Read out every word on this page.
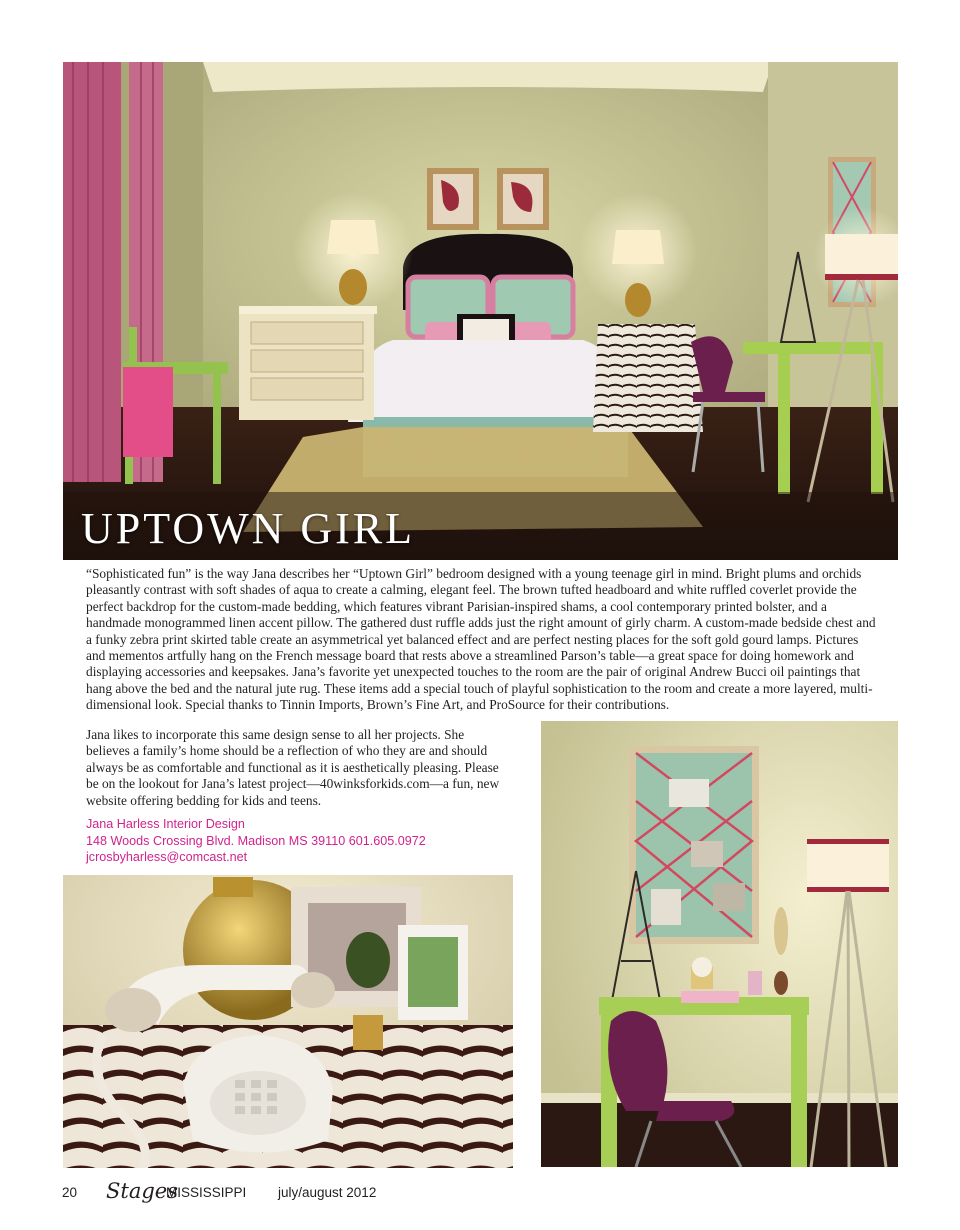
UPTOWN GIRL

“Sophisticated fun” is the way Jana describes her “Uptown Girl” bedroom designed with a young teenage girl in mind. Bright plums and orchids pleasantly contrast with soft shades of aqua to create a calming, elegant feel. The brown tufted headboard and white ruffled coverlet provide the perfect backdrop for the custom-made bedding, which features vibrant Parisian-inspired shams, a cool contemporary printed bolster, and a handmade monogrammed linen accent pillow. The gathered dust ruffle adds just the right amount of girly charm. A custom-made bedside chest and a funky zebra print skirted table create an asymmetrical yet balanced effect and are perfect nesting places for the soft gold gourd lamps. Pictures and mementos artfully hang on the French message board that rests above a streamlined Parson’s table—a great space for doing homework and displaying accessories and keepsakes. Jana’s favorite yet unexpected touches to the room are the pair of original Andrew Bucci oil paintings that hang above the bed and the natural jute rug. These items add a special touch of playful sophistication to the room and create a more layered, multi-dimensional look. Special thanks to Tinnin Imports, Brown’s Fine Art, and ProSource for their contributions.

Jana likes to incorporate this same design sense to all her projects. She believes a family’s home should be a reflection of who they are and should always be as comfortable and functional as it is aesthetically pleasing. Please be on the lookout for Jana’s latest project—40winksforkids.com—a fun, new website offering bedding for kids and teens.

Jana Harless Interior Design
148 Woods Crossing Blvd. Madison MS 39110 601.605.0972
jcrosbyharless@comcast.net
20 Stages
MISSISSIPPI july/august 2012
